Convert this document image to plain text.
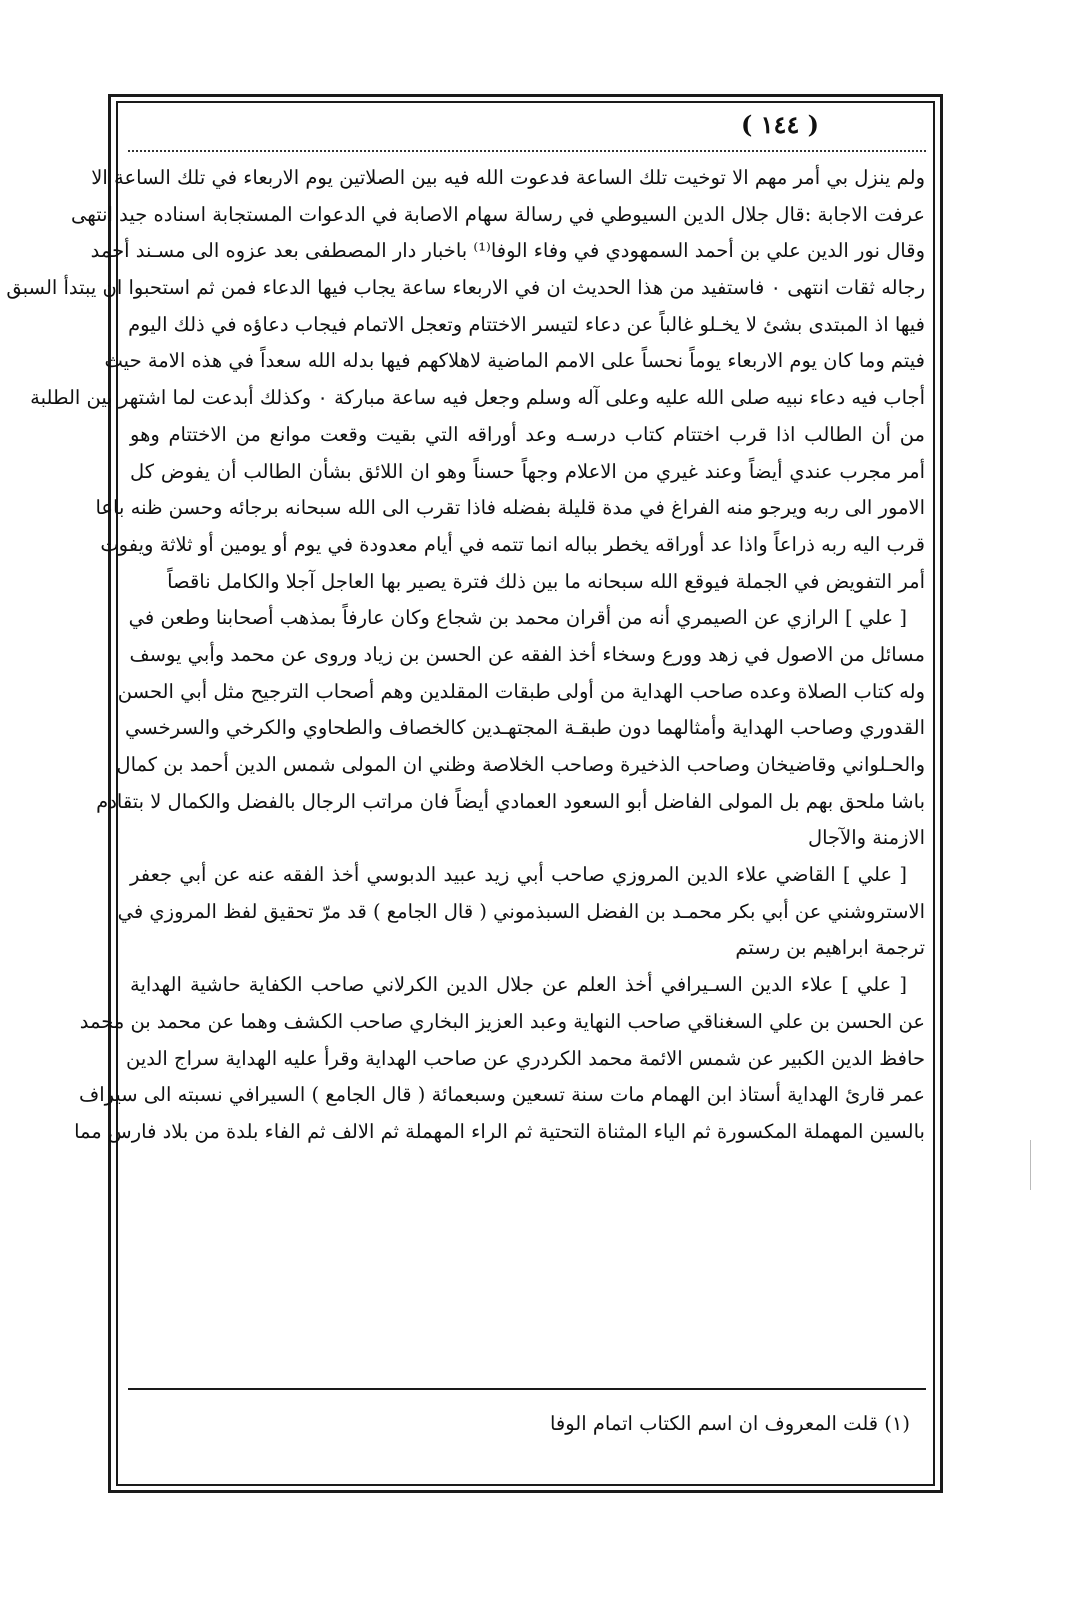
( ١٤٤ )
ولم ينزل بي أمر مهم الا توخيت تلك الساعة فدعوت الله فيه بين الصلاتين يوم الاربعاء في تلك الساعة الا
عرفت الاجابة :قال جلال الدين السيوطي في رسالة سهام الاصابة في الدعوات المستجابة اسناده جيد انتهى
وقال نور الدين علي بن أحمد السمهودي في وفاء الوفا⁽¹⁾ باخبار دار المصطفى بعد عزوه الى مسـند أحمد
رجاله ثقات انتهى ٠ فاستفيد من هذا الحديث ان في الاربعاء ساعة يجاب فيها الدعاء فمن ثم استحبوا ان يبتدأ السبق
فيها اذ المبتدى بشئ لا يخـلو غالباً عن دعاء لتيسر الاختتام وتعجل الاتمام فيجاب دعاؤه في ذلك اليوم
فيتم وما كان يوم الاربعاء يوماً نحساً على الامم الماضية لاهلاكهم فيها بدله الله سعداً في هذه الامة حيث
أجاب فيه دعاء نبيه صلى الله عليه وعلى آله وسلم وجعل فيه ساعة مباركة ٠ وكذلك أبدعت لما اشتهر بين الطلبة
من أن الطالب اذا قرب اختتام كتاب درسـه وعد أوراقه التي بقيت وقعت موانع من الاختتام وهو
أمر مجرب عندي أيضاً وعند غيري من الاعلام وجهاً حسناً وهو ان اللائق بشأن الطالب أن يفوض كل
الامور الى ربه ويرجو منه الفراغ في مدة قليلة بفضله فاذا تقرب الى الله سبحانه برجائه وحسن ظنه باعا
قرب اليه ربه ذراعاً واذا عد أوراقه يخطر بباله انما تتمه في أيام معدودة في يوم أو يومين أو ثلاثة ويفوت
أمر التفويض في الجملة فيوقع الله سبحانه ما بين ذلك فترة يصير بها العاجل آجلا والكامل ناقصاً
[ علي ] الرازي عن الصيمري أنه من أقران محمد بن شجاع وكان عارفاً بمذهب أصحابنا وطعن في
مسائل من الاصول في زهد وورع وسخاء أخذ الفقه عن الحسن بن زياد وروى عن محمد وأبي يوسف
وله كتاب الصلاة وعده صاحب الهداية من أولى طبقات المقلدين وهم أصحاب الترجيح مثل أبي الحسن
القدوري وصاحب الهداية وأمثالهما دون طبقـة المجتهـدين كالخصاف والطحاوي والكرخي والسرخسي
والحـلواني وقاضيخان وصاحب الذخيرة وصاحب الخلاصة وظني ان المولى شمس الدين أحمد بن كمال
باشا ملحق بهم بل المولى الفاضل أبو السعود العمادي أيضاً فان مراتب الرجال بالفضل والكمال لا بتقادم
الازمنة والآجال
[ علي ] القاضي علاء الدين المروزي صاحب أبي زيد عبيد الدبوسي أخذ الفقه عنه عن أبي جعفر
الاستروشني عن أبي بكر محمـد بن الفضل السبذموني ( قال الجامع ) قد مرّ تحقيق لفظ المروزي في
ترجمة ابراهيم بن رستم
[ علي ] علاء الدين السـيرافي أخذ العلم عن جلال الدين الكرلاني صاحب الكفاية حاشية الهداية
عن الحسن بن علي السغناقي صاحب النهاية وعبد العزيز البخاري صاحب الكشف وهما عن محمد بن محمد
حافظ الدين الكبير عن شمس الائمة محمد الكردري عن صاحب الهداية وقرأ عليه الهداية سراج الدين
عمر قارئ الهداية أستاذ ابن الهمام مات سنة تسعين وسبعمائة ( قال الجامع ) السيرافي نسبته الى سيراف
بالسين المهملة المكسورة ثم الياء المثناة التحتية ثم الراء المهملة ثم الالف ثم الفاء بلدة من بلاد فارس مما
(١) قلت المعروف ان اسم الكتاب اتمام الوفا
